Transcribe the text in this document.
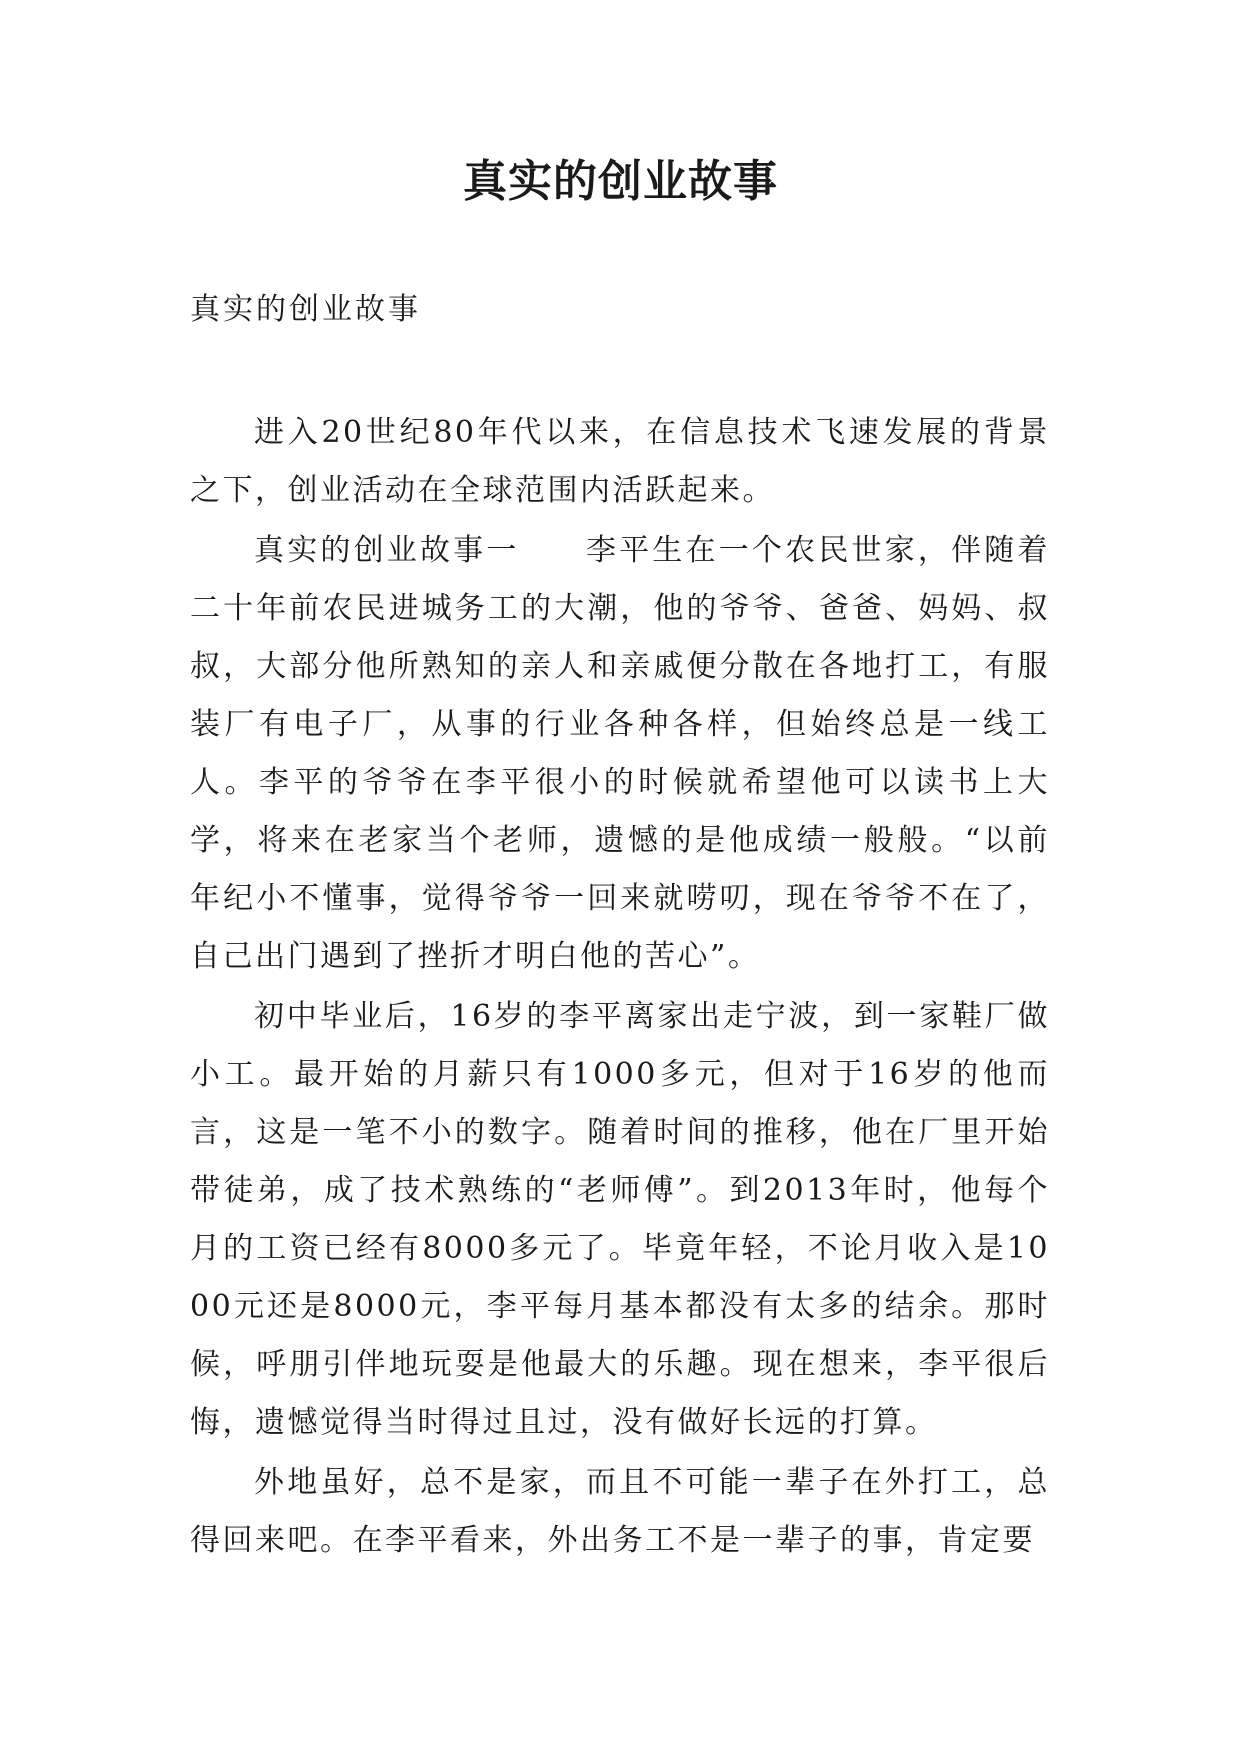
真实的创业故事

真实的创业故事

进入20世纪80年代以来，在信息技术飞速发展的背景之下，创业活动在全球范围内活跃起来。

真实的创业故事一　　李平生在一个农民世家，伴随着二十年前农民进城务工的大潮，他的爷爷、爸爸、妈妈、叔叔，大部分他所熟知的亲人和亲戚便分散在各地打工，有服装厂有电子厂，从事的行业各种各样，但始终总是一线工人。李平的爷爷在李平很小的时候就希望他可以读书上大学，将来在老家当个老师，遗憾的是他成绩一般般。“以前年纪小不懂事，觉得爷爷一回来就唠叨，现在爷爷不在了，自己出门遇到了挫折才明白他的苦心”。

初中毕业后，16岁的李平离家出走宁波，到一家鞋厂做小工。最开始的月薪只有1000多元，但对于16岁的他而言，这是一笔不小的数字。随着时间的推移，他在厂里开始带徒弟，成了技术熟练的“老师傅”。到2013年时，他每个月的工资已经有8000多元了。毕竟年轻，不论月收入是1000元还是8000元，李平每月基本都没有太多的结余。那时候，呼朋引伴地玩耍是他最大的乐趣。现在想来，李平很后悔，遗憾觉得当时得过且过，没有做好长远的打算。

外地虽好，总不是家，而且不可能一辈子在外打工，总得回来吧。在李平看来，外出务工不是一辈子的事，肯定要
